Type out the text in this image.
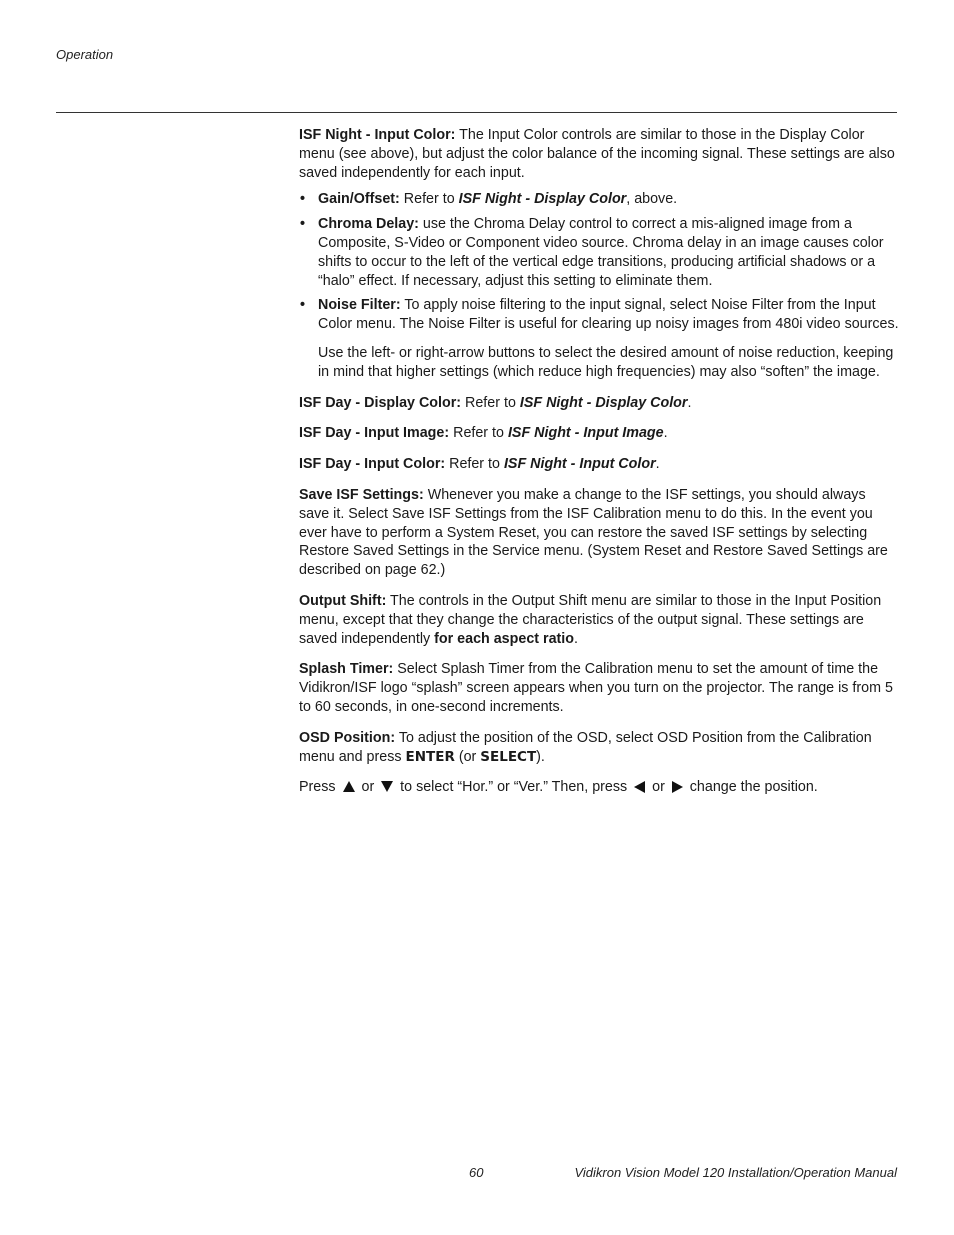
Operation

ISF Night - Input Color: The Input Color controls are similar to those in the Display Color menu (see above), but adjust the color balance of the incoming signal. These settings are also saved independently for each input.

• Gain/Offset: Refer to ISF Night - Display Color, above.
• Chroma Delay: use the Chroma Delay control to correct a mis-aligned image from a Composite, S-Video or Component video source. Chroma delay in an image causes color shifts to occur to the left of the vertical edge transitions, producing artificial shadows or a “halo” effect. If necessary, adjust this setting to eliminate them.
• Noise Filter: To apply noise filtering to the input signal, select Noise Filter from the Input Color menu. The Noise Filter is useful for clearing up noisy images from 480i video sources.

Use the left- or right-arrow buttons to select the desired amount of noise reduction, keeping in mind that higher settings (which reduce high frequencies) may also “soften” the image.

ISF Day - Display Color: Refer to ISF Night - Display Color.

ISF Day - Input Image: Refer to ISF Night - Input Image.

ISF Day - Input Color: Refer to ISF Night - Input Color.

Save ISF Settings: Whenever you make a change to the ISF settings, you should always save it. Select Save ISF Settings from the ISF Calibration menu to do this. In the event you ever have to perform a System Reset, you can restore the saved ISF settings by selecting Restore Saved Settings in the Service menu. (System Reset and Restore Saved Settings are described on page 62.)

Output Shift: The controls in the Output Shift menu are similar to those in the Input Position menu, except that they change the characteristics of the output signal. These settings are saved independently for each aspect ratio.

Splash Timer: Select Splash Timer from the Calibration menu to set the amount of time the Vidikron/ISF logo “splash” screen appears when you turn on the projector. The range is from 5 to 60 seconds, in one-second increments.

OSD Position: To adjust the position of the OSD, select OSD Position from the Calibration menu and press ENTER (or SELECT).

Press  or  to select “Hor.” or “Ver.” Then, press  or  change the position.

60	Vidikron Vision Model 120 Installation/Operation Manual
